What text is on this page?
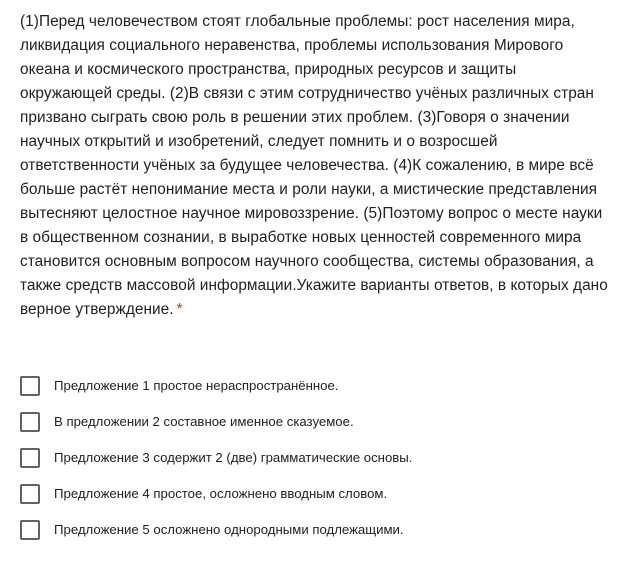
(1)Перед человечеством стоят глобальные проблемы: рост населения мира, ликвидация социального неравенства, проблемы использования Мирового океана и космического пространства, природных ресурсов и защиты окружающей среды. (2)В связи с этим сотрудничество учёных различных стран призвано сыграть свою роль в решении этих проблем. (3)Говоря о значении научных открытий и изобретений, следует помнить и о возросшей ответственности учёных за будущее человечества. (4)К сожалению, в мире всё больше растёт непонимание места и роли науки, а мистические представления вытесняют целостное научное мировоззрение. (5)Поэтому вопрос о месте науки в общественном сознании, в выработке новых ценностей современного мира становится основным вопросом научного сообщества, системы образования, а также средств массовой информации.Укажите варианты ответов, в которых дано верное утверждение. *

Предложение 1 простое нераспространённое.
В предложении 2 составное именное сказуемое.
Предложение 3 содержит 2 (две) грамматические основы.
Предложение 4 простое, осложнено вводным словом.
Предложение 5 осложнено однородными подлежащими.
